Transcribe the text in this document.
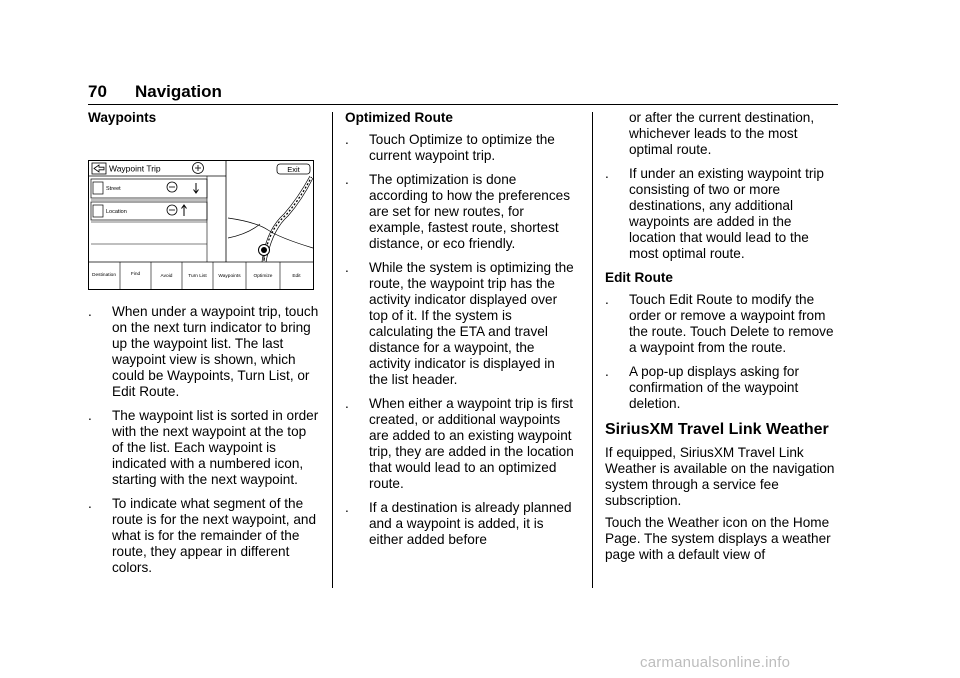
70 Navigation
Waypoints
Waypoint Trip	Exit
Street
Location
Destination	Find	Avoid	Turn List Waypoints	Optimize	Edit
. When under a waypoint trip, touch on the next turn indicator to bring up the waypoint list. The last waypoint view is shown, which could be Waypoints, Turn List, or Edit Route.
. The waypoint list is sorted in order with the next waypoint at the top of the list. Each waypoint is indicated with a numbered icon, starting with the next waypoint.
. To indicate what segment of the route is for the next waypoint, and what is for the remainder of the route, they appear in different colors.
Optimized Route
. Touch Optimize to optimize the current waypoint trip.
. The optimization is done according to how the preferences are set for new routes, for example, fastest route, shortest distance, or eco friendly.
. While the system is optimizing the route, the waypoint trip has the activity indicator displayed over top of it. If the system is calculating the ETA and travel distance for a waypoint, the activity indicator is displayed in the list header.
. When either a waypoint trip is first created, or additional waypoints are added to an existing waypoint trip, they are added in the location that would lead to an optimized route.
. If a destination is already planned and a waypoint is added, it is either added before
or after the current destination, whichever leads to the most optimal route.
. If under an existing waypoint trip consisting of two or more destinations, any additional waypoints are added in the location that would lead to the most optimal route.
Edit Route
. Touch Edit Route to modify the order or remove a waypoint from the route. Touch Delete to remove a waypoint from the route.
. A pop-up displays asking for confirmation of the waypoint deletion.
SiriusXM Travel Link Weather

If equipped, SiriusXM Travel Link Weather is available on the navigation system through a service fee subscription.

Touch the Weather icon on the Home Page. The system displays a weather page with a default view of

carmanualsonline.info
